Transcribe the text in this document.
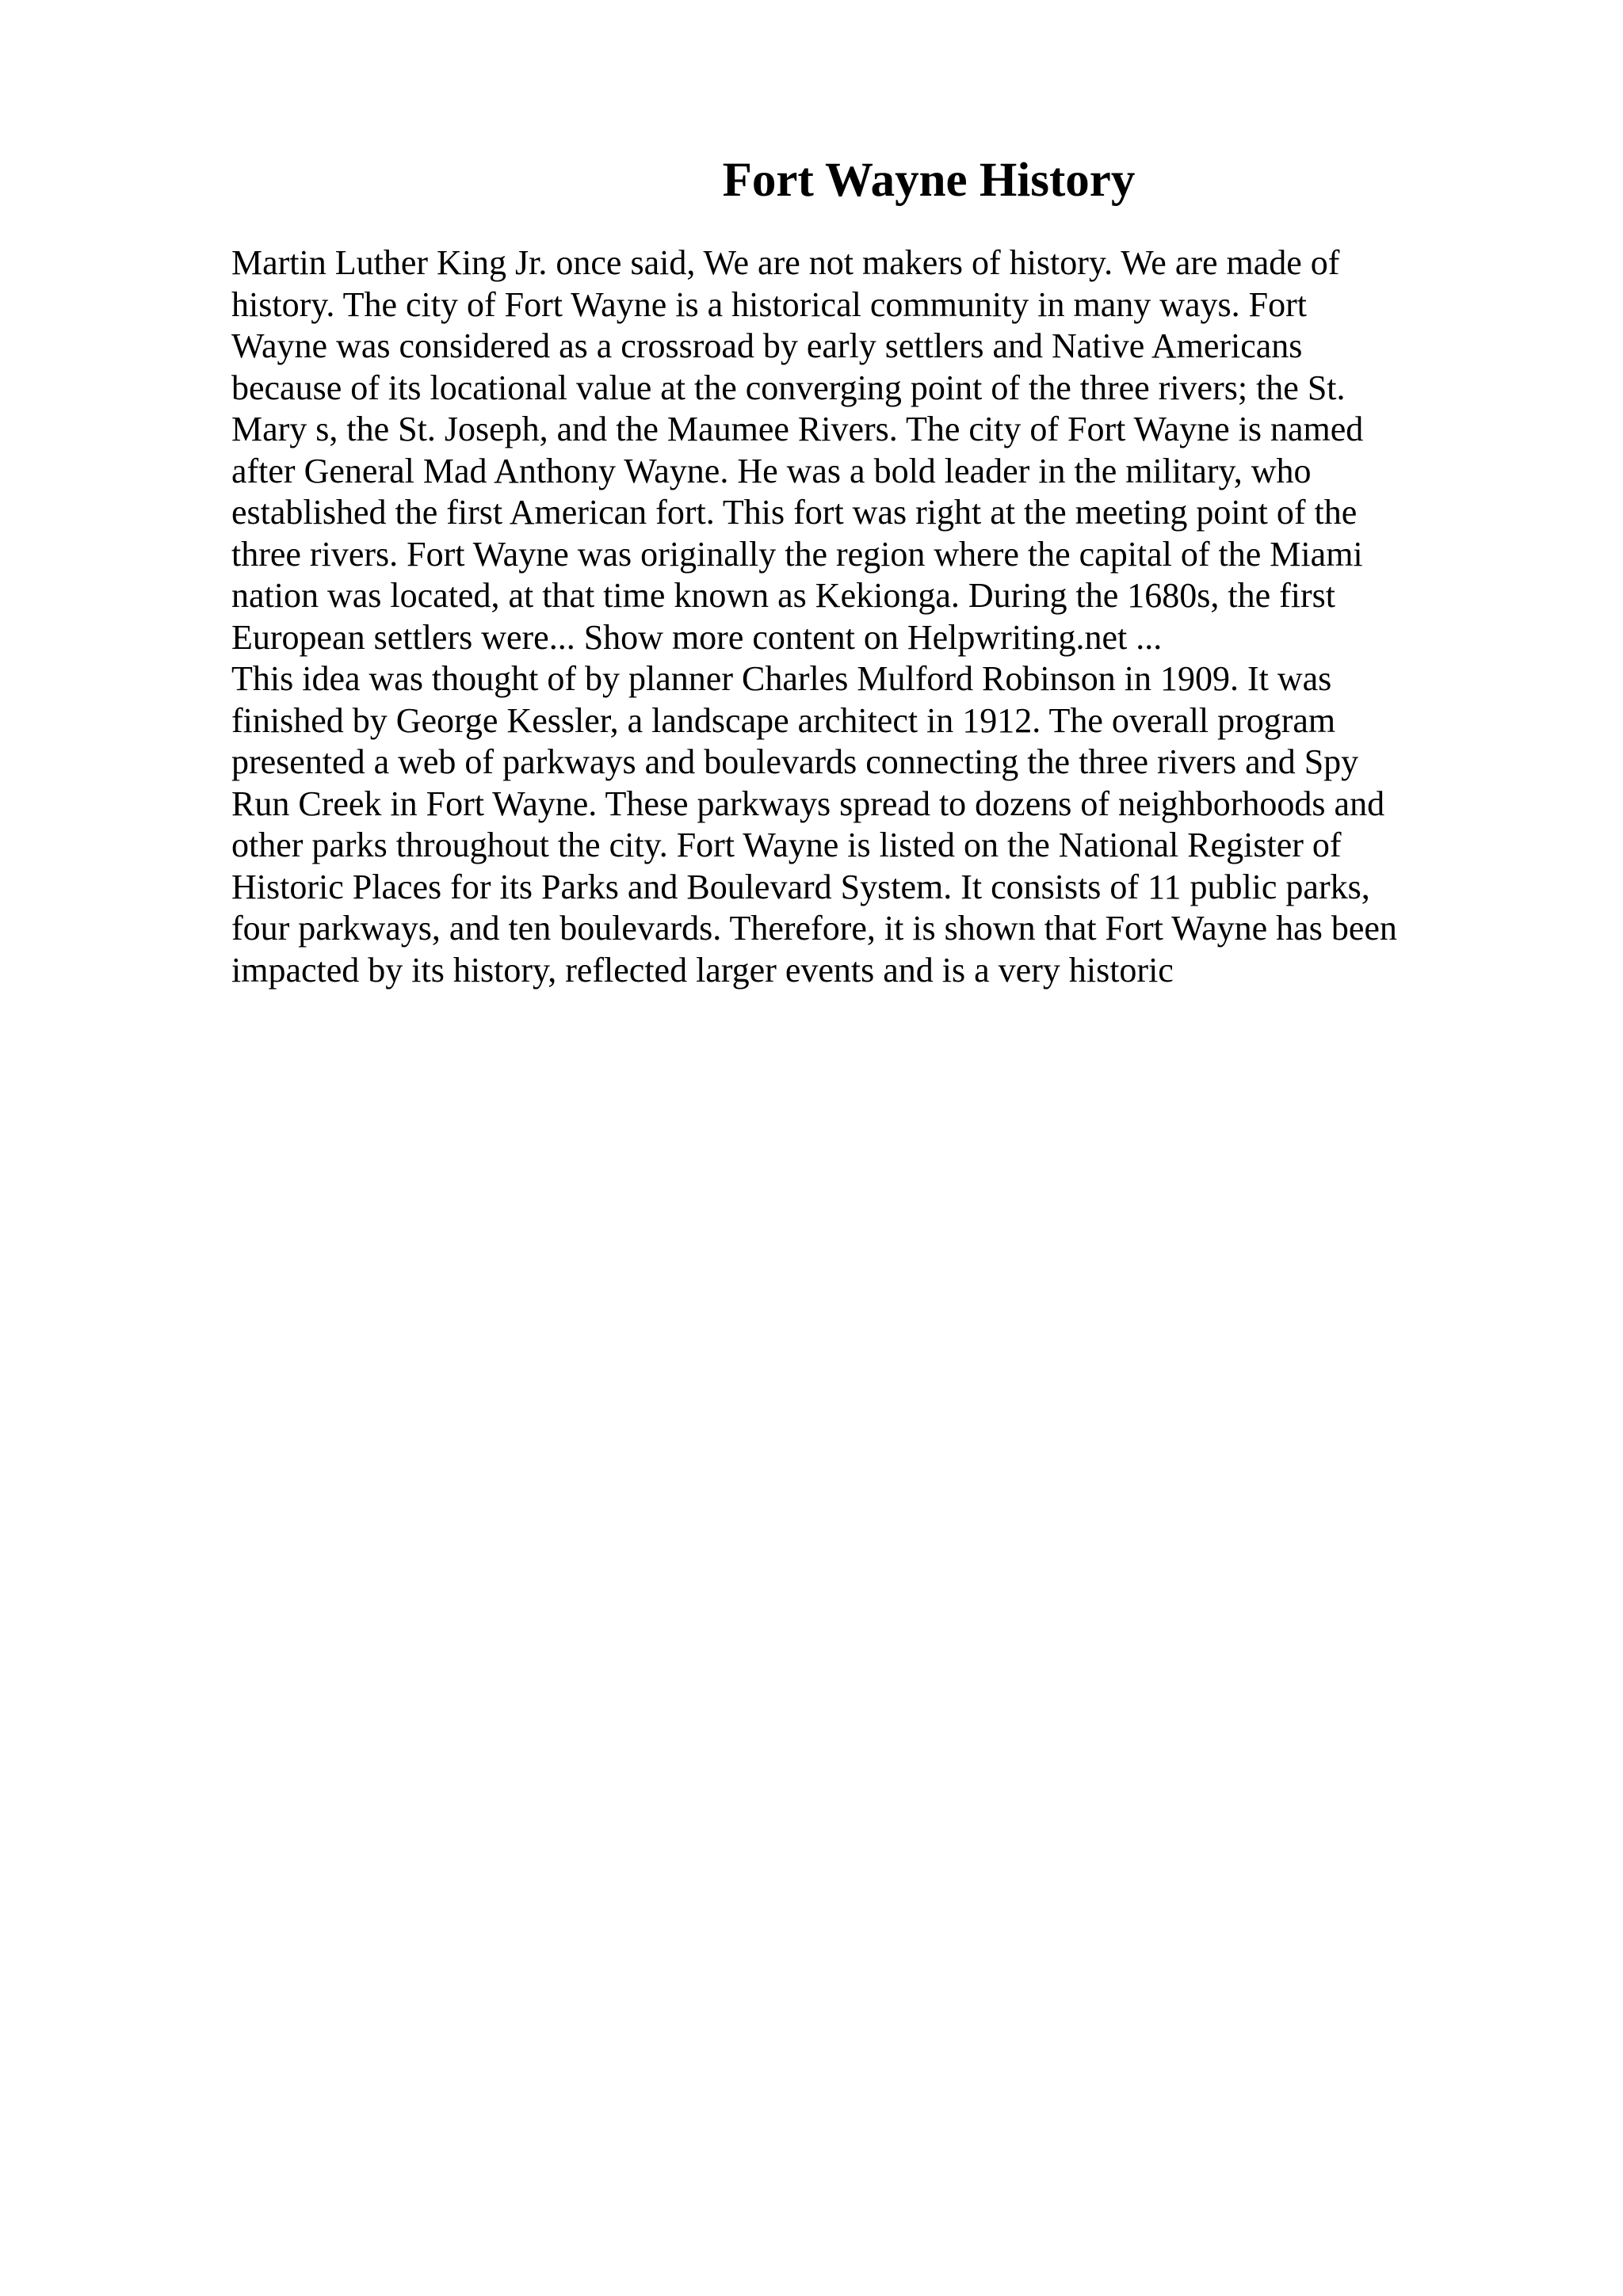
Fort Wayne History
Martin Luther King Jr. once said, We are not makers of history. We are made of
history. The city of Fort Wayne is a historical community in many ways. Fort
Wayne was considered as a crossroad by early settlers and Native Americans
because of its locational value at the converging point of the three rivers; the St.
Mary s, the St. Joseph, and the Maumee Rivers. The city of Fort Wayne is named
after General Mad Anthony Wayne. He was a bold leader in the military, who
established the first American fort. This fort was right at the meeting point of the
three rivers. Fort Wayne was originally the region where the capital of the Miami
nation was located, at that time known as Kekionga. During the 1680s, the first
European settlers were... Show more content on Helpwriting.net ...
This idea was thought of by planner Charles Mulford Robinson in 1909. It was
finished by George Kessler, a landscape architect in 1912. The overall program
presented a web of parkways and boulevards connecting the three rivers and Spy
Run Creek in Fort Wayne. These parkways spread to dozens of neighborhoods and
other parks throughout the city. Fort Wayne is listed on the National Register of
Historic Places for its Parks and Boulevard System. It consists of 11 public parks,
four parkways, and ten boulevards. Therefore, it is shown that Fort Wayne has been
impacted by its history, reflected larger events and is a very historic
